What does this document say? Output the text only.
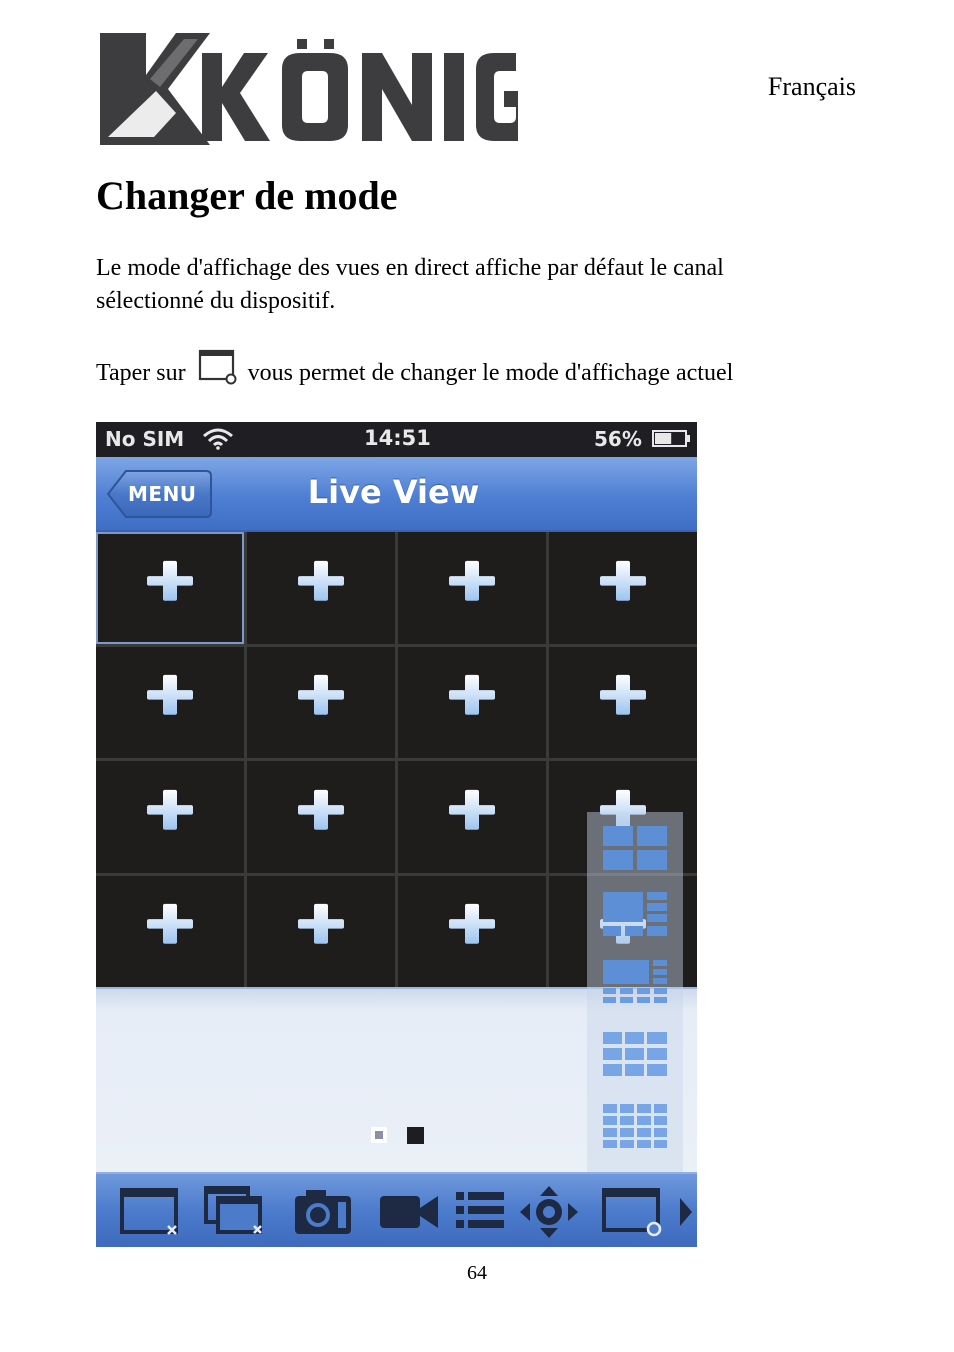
Français
Changer de mode

Le mode d'affichage des vues en direct affiche par défaut le canal sélectionné du dispositif.

Taper sur	vous permet de changer le mode d'affichage actuel
No SIM	14:51	56%
MENU	Live View
64
